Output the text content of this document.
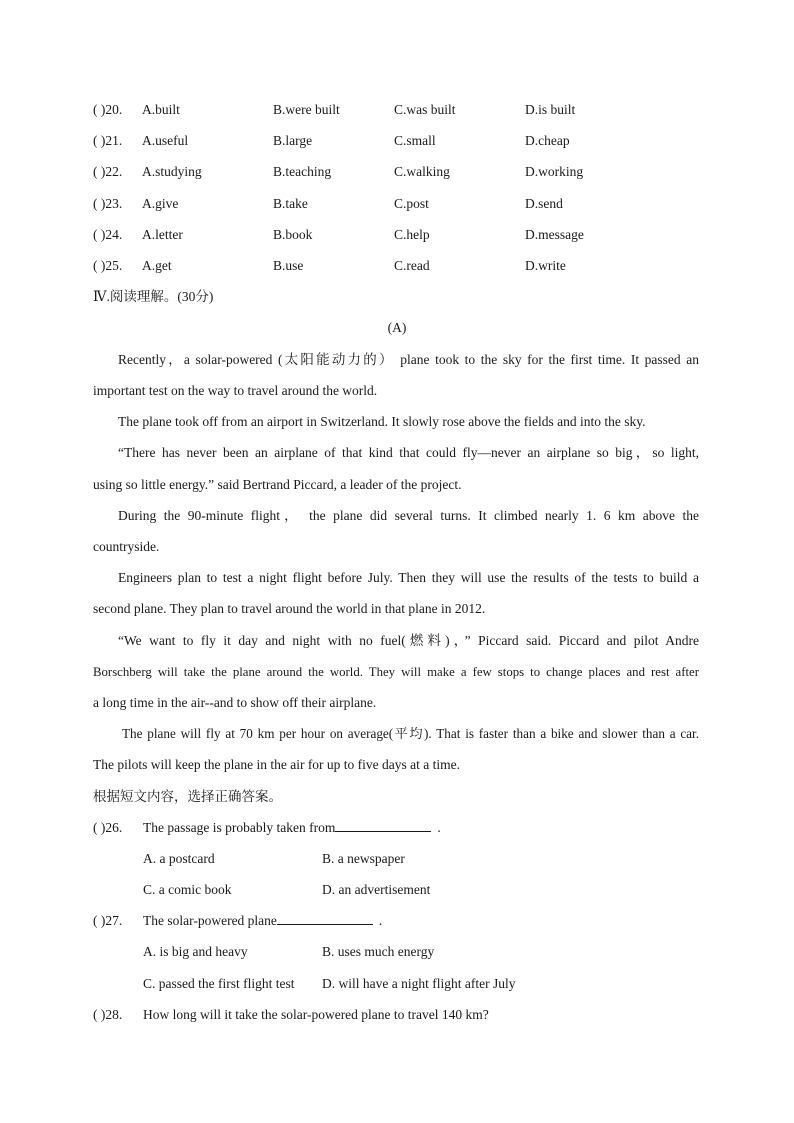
( )20. A.built	B.were built	C.was built	D.is built
( )21. A.useful	B.large	C.small	D.cheap
( )22. A.studying	B.teaching	C.walking	D.working
( )23. A.give	B.take	C.post	D.send
( )24. A.letter	B.book	C.help	D.message
( )25. A.get	B.use	C.read	D.write
Ⅳ.阅读理解。(30分)
(A)
Recently，a solar-powered (太阳能动力的） plane took to the sky for the first time. It passed an
important test on the way to travel around the world.
The plane took off from an airport in Switzerland. It slowly rose above the fields and into the sky.
“There has never been an airplane of that kind that could fly—never an airplane so big，so light,
using so little energy.” said Bertrand Piccard, a leader of the project.
During the 90-minute flight， the plane did several turns. It climbed nearly 1. 6 km above the
countryside.
Engineers plan to test a night flight before July. Then they will use the results of the tests to build a
second plane. They plan to travel around the world in that plane in 2012.
“We want to fly it day and night with no fuel(燃料)，” Piccard said. Piccard and pilot Andre
Borschberg will take the plane around the world. They will make a few stops to change places and rest after
a long time in the air--and to show off their airplane.
The plane will fly at 70 km per hour on average(平均). That is faster than a bike and slower than a car.
The pilots will keep the plane in the air for up to five days at a time.
根据短文内容，选择正确答案。
( )26. The passage is probably taken from	.
A. a postcard	B. a newspaper
C. a comic book	D. an advertisement
( )27. The solar-powered plane	.
A. is big and heavy	B. uses much energy
C. passed the first flight test D. will have a night flight after July
( )28. How long will it take the solar-powered plane to travel 140 km?
